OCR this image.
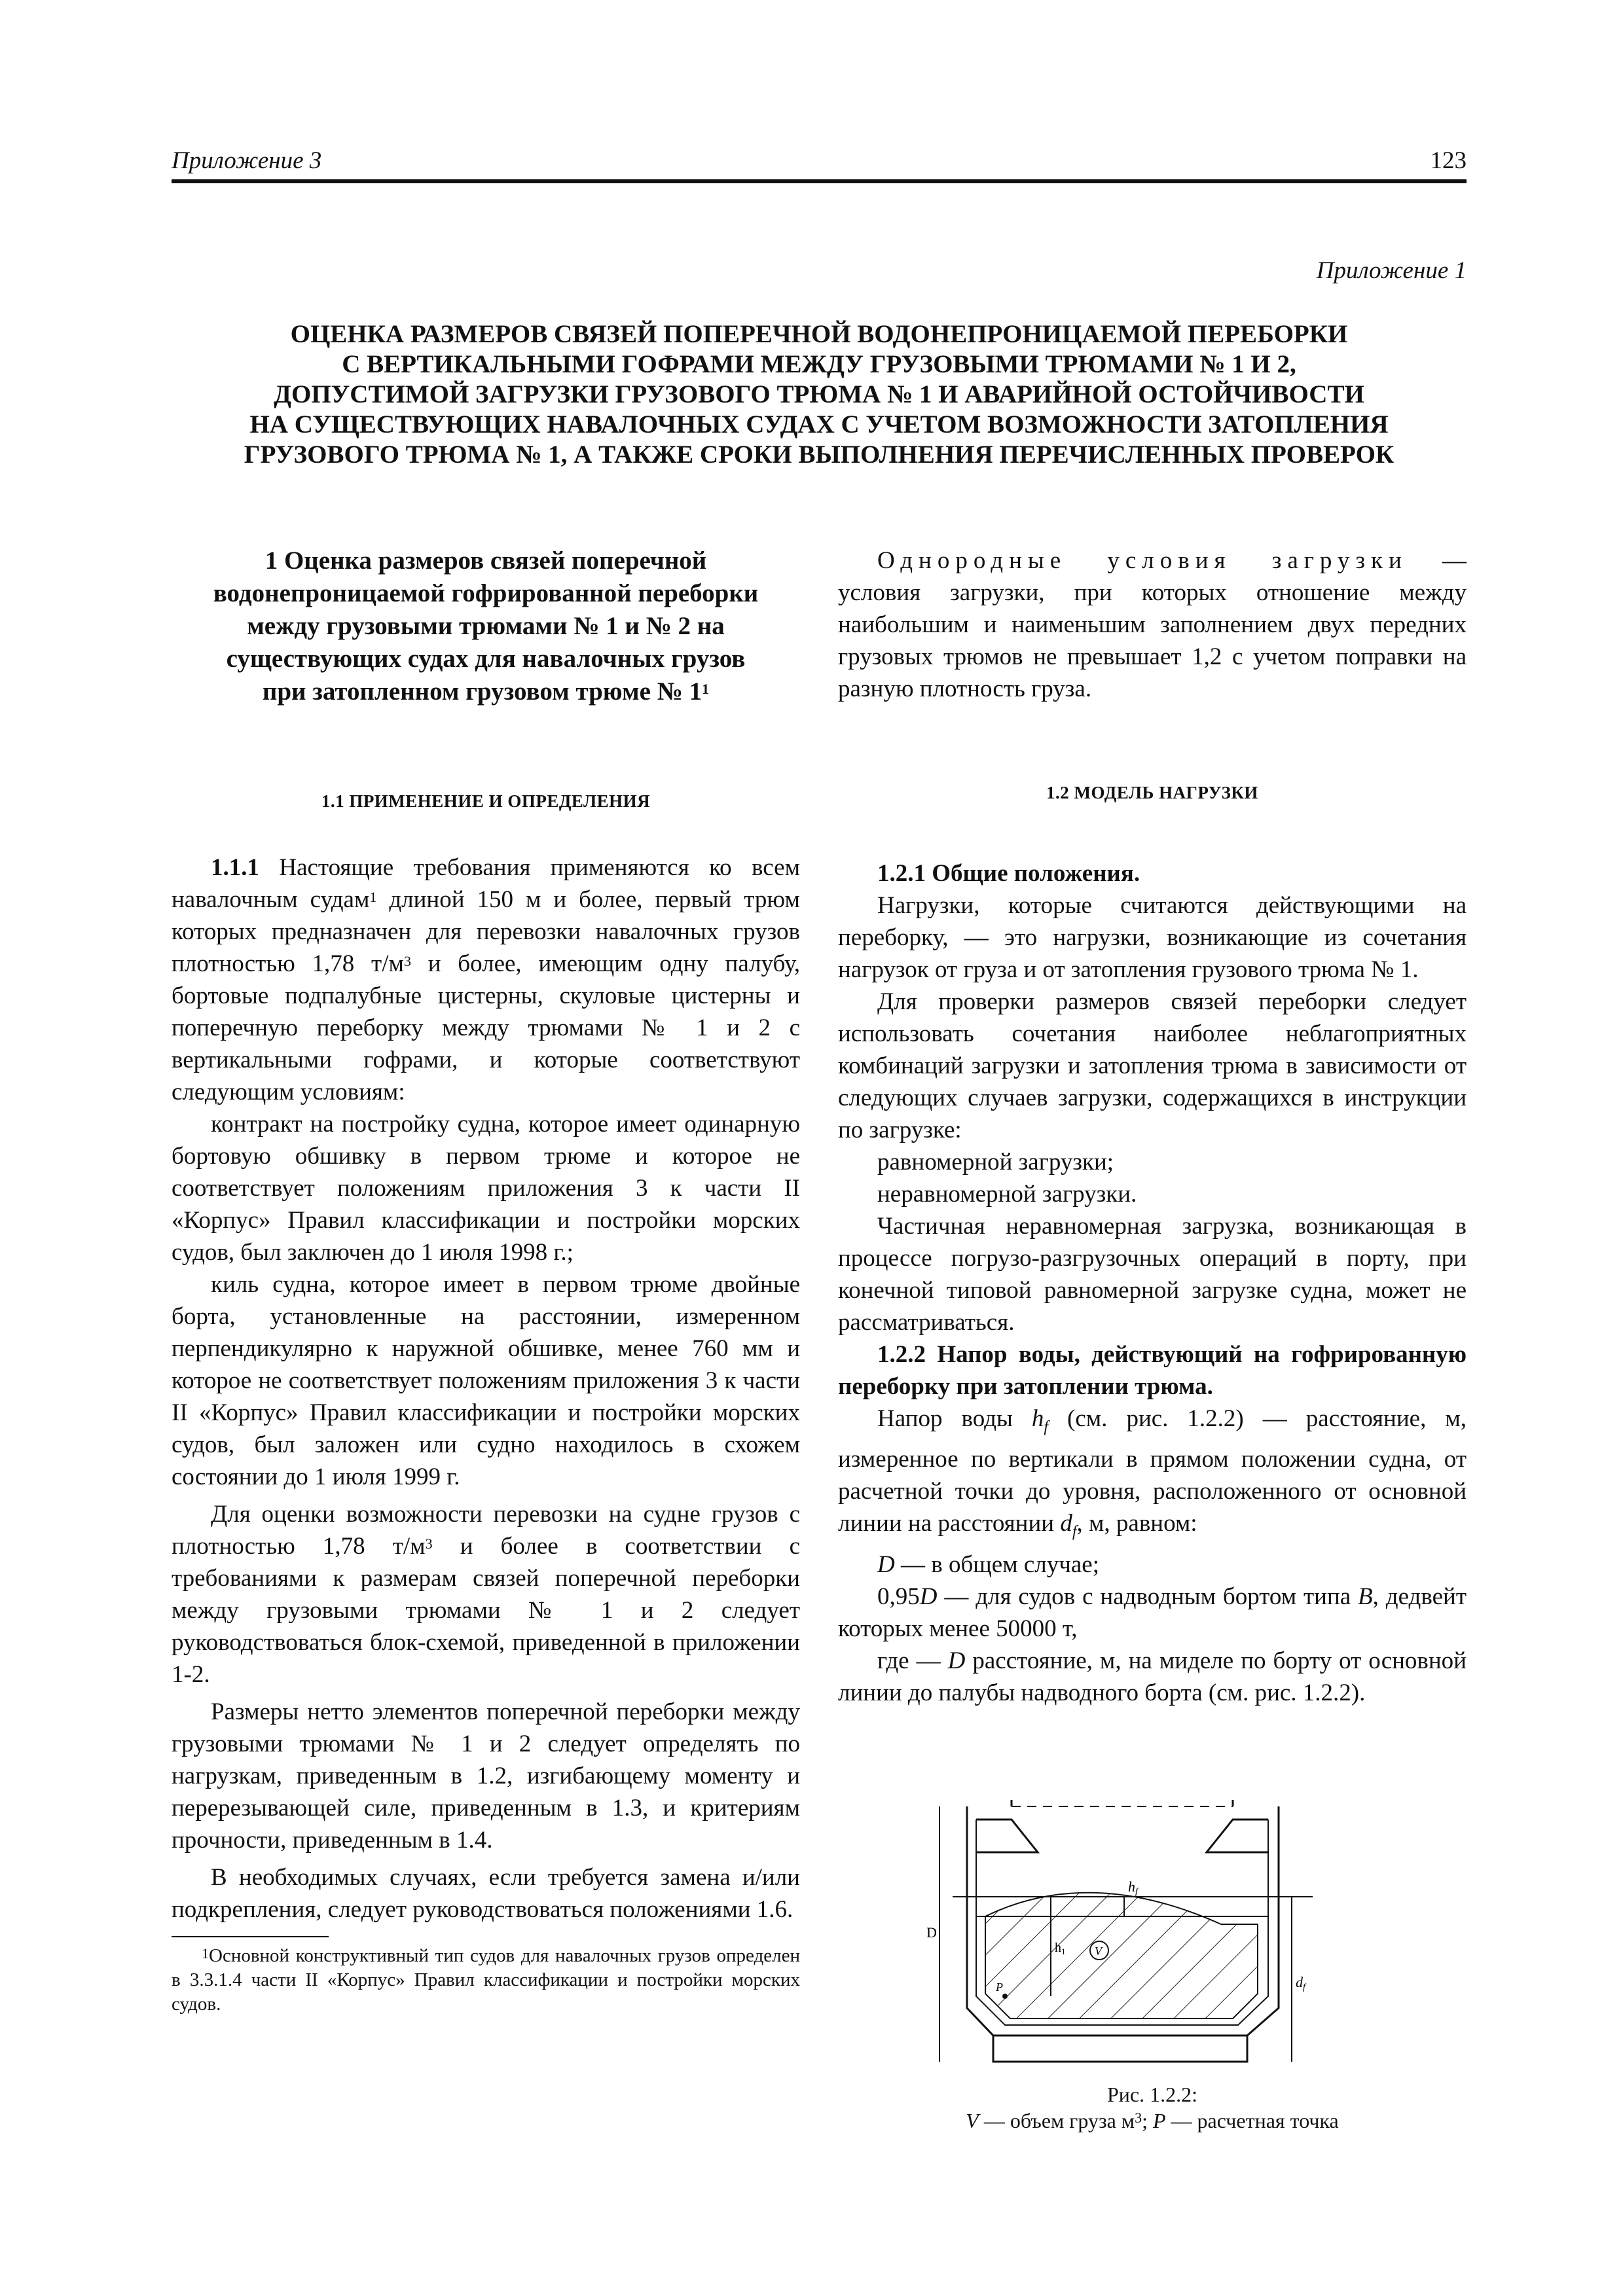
Приложение 3	123
Приложение 1
ОЦЕНКА РАЗМЕРОВ СВЯЗЕЙ ПОПЕРЕЧНОЙ ВОДОНЕПРОНИЦАЕМОЙ ПЕРЕБОРКИ
С ВЕРТИКАЛЬНЫМИ ГОФРАМИ МЕЖДУ ГРУЗОВЫМИ ТРЮМАМИ № 1 И 2,
ДОПУСТИМОЙ ЗАГРУЗКИ ГРУЗОВОГО ТРЮМА № 1 И АВАРИЙНОЙ ОСТОЙЧИВОСТИ
НА СУЩЕСТВУЮЩИХ НАВАЛОЧНЫХ СУДАХ С УЧЕТОМ ВОЗМОЖНОСТИ ЗАТОПЛЕНИЯ
ГРУЗОВОГО ТРЮМА № 1, А ТАКЖЕ СРОКИ ВЫПОЛНЕНИЯ ПЕРЕЧИСЛЕННЫХ ПРОВЕРОК
1 Оценка размеров связей поперечной
водонепроницаемой гофрированной переборки
между грузовыми трюмами № 1 и № 2 на
существующих судах для навалочных грузов
при затопленном грузовом трюме № $1^1$
1.1 ПРИМЕНЕНИЕ И ОПРЕДЕЛЕНИЯ

1.1.1 Настоящие требования применяются ко всем навалочным судам$^1$ длиной 150 м и более, первый трюм которых предназначен для перевозки навалочных грузов плотностью 1,78 $т/м^3$ и более, имеющим одну палубу, бортовые подпалубные цистерны, скуловые цистерны и поперечную переборку между трюмами № 1 и 2 с вертикальными гофрами, и которые соответствуют следующим условиям:

контракт на постройку судна, которое имеет одинарную бортовую обшивку в первом трюме и которое не соответствует положениям приложения 3 к части II «Корпус» Правил классификации и постройки морских судов, был заключен до 1 июля 1998 г.;

киль судна, которое имеет в первом трюме двойные борта, установленные на расстоянии, измеренном перпендикулярно к наружной обшивке, менее 760 мм и которое не соответствует положениям приложения 3 к части II «Корпус» Правил классификации и постройки морских судов, был заложен или судно находилось в схожем состоянии до 1 июля 1999 г.

Для оценки возможности перевозки на судне грузов с плотностью 1,78 $т/м^3$ и более в соответствии с требованиями к размерам связей поперечной переборки между грузовыми трюмами № 1 и 2 следует руководствоваться блок-схемой, приведенной в приложении 1-2.

Размеры нетто элементов поперечной переборки между грузовыми трюмами № 1 и 2 следует определять по нагрузкам, приведенным в 1.2, изгибающему моменту и перерезывающей силе, приведенным в 1.3, и критериям прочности, приведенным в 1.4.

В необходимых случаях, если требуется замена и/или подкрепления, следует руководствоваться положениями 1.6.

$^1$Основной конструктивный тип судов для навалочных грузов определен в 3.3.1.4 части II «Корпус» Правил классификации и постройки морских судов.

Однородные условия загрузки — условия загрузки, при которых отношение между наибольшим и наименьшим заполнением двух передних грузовых трюмов не превышает 1,2 с учетом поправки на разную плотность груза.

1.2 МОДЕЛЬ НАГРУЗКИ

1.2.1 Общие положения.

Нагрузки, которые считаются действующими на переборку, — это нагрузки, возникающие из сочетания нагрузок от груза и от затопления грузового трюма № 1.

Для проверки размеров связей переборки следует использовать сочетания наиболее неблагоприятных комбинаций загрузки и затопления трюма в зависимости от следующих случаев загрузки, содержащихся в инструкции по загрузке:

равномерной загрузки;

неравномерной загрузки.

Частичная неравномерная загрузка, возникающая в процессе погрузо-разгрузочных операций в порту, при конечной типовой равномерной загрузке судна, может не рассматриваться.

1.2.2 Напор воды, действующий на гофрированную переборку при затоплении трюма.

Напор воды $h_f$ (см. рис. 1.2.2) — расстояние, м, измеренное по вертикали в прямом положении судна, от расчетной точки до уровня, расположенного от основной линии на расстоянии $d_f$, м, равном:

D — в общем случае;

0,95D — для судов с надводным бортом типа B, дедвейт которых менее 50000 т,

где — D расстояние, м, на миделе по борту от основной линии до палубы надводного борта (см. рис. 1.2.2).

D
hf
$h_1$ V
P	df
Рис. 1.2.2:
V — объем груза $м^3$; P — расчетная точка
